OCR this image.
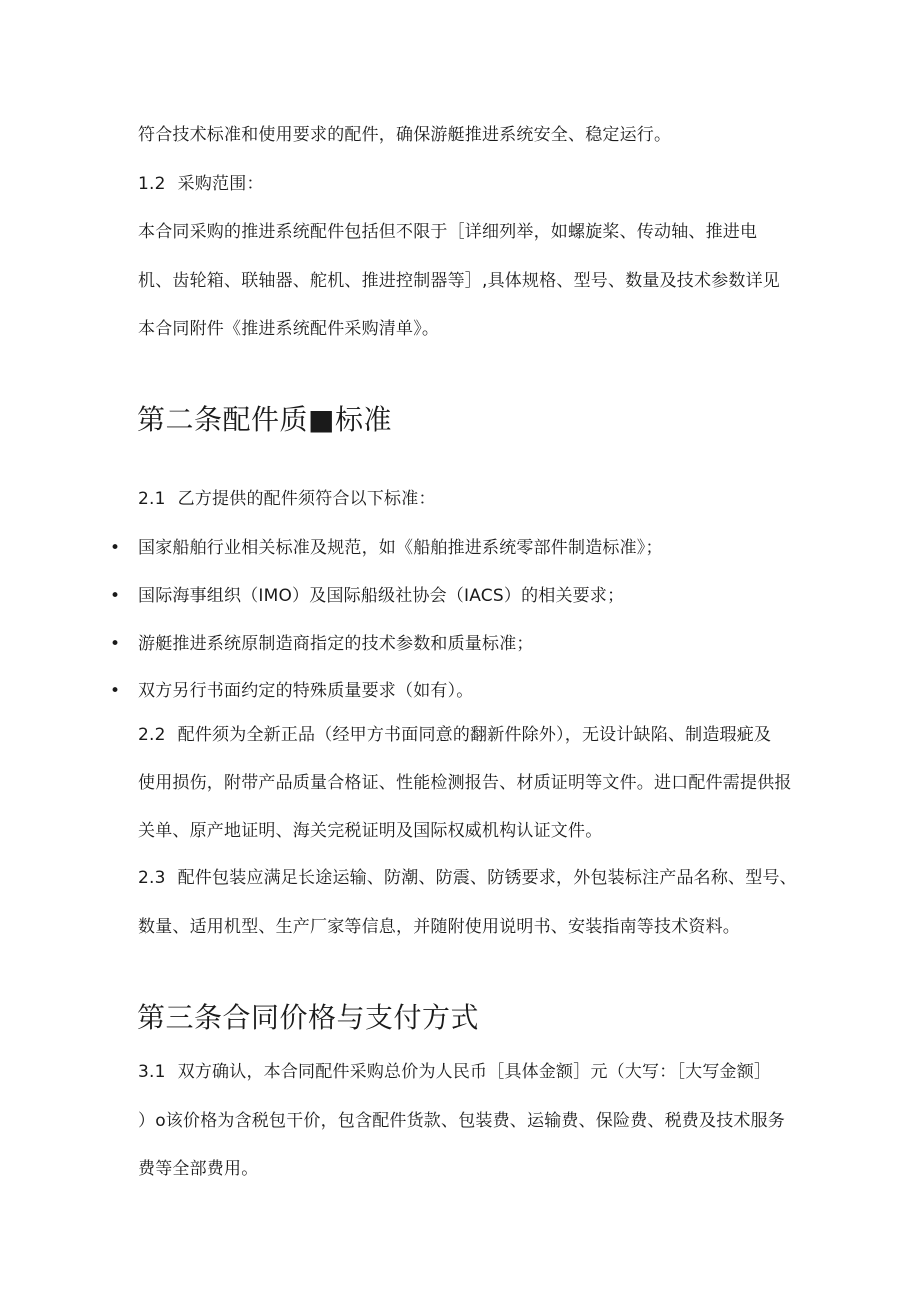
符合技术标准和使用要求的配件，确保游艇推进系统安全、稳定运行。
1.2 采购范围：
本合同采购的推进系统配件包括但不限于［详细列举，如螺旋桨、传动轴、推进电
机、齿轮箱、联轴器、舵机、推进控制器等］,具体规格、型号、数量及技术参数详见
本合同附件《推进系统配件采购清单》。
第二条配件质■标准
2.1 乙方提供的配件须符合以下标准：
• 国家船舶行业相关标准及规范，如《船舶推进系统零部件制造标准》；
• 国际海事组织（IMO）及国际船级社协会（IACS）的相关要求；
• 游艇推进系统原制造商指定的技术参数和质量标准；
• 双方另行书面约定的特殊质量要求（如有）。
2.2 配件须为全新正品（经甲方书面同意的翻新件除外），无设计缺陷、制造瑕疵及
使用损伤，附带产品质量合格证、性能检测报告、材质证明等文件。进口配件需提供报
关单、原产地证明、海关完税证明及国际权威机构认证文件。
2.3 配件包装应满足长途运输、防潮、防震、防锈要求，外包装标注产品名称、型号、
数量、适用机型、生产厂家等信息，并随附使用说明书、安装指南等技术资料。
第三条合同价格与支付方式
3.1 双方确认，本合同配件采购总价为人民币［具体金额］元（大写：［大写金额］
）o该价格为含税包干价，包含配件货款、包装费、运输费、保险费、税费及技术服务
费等全部费用。
